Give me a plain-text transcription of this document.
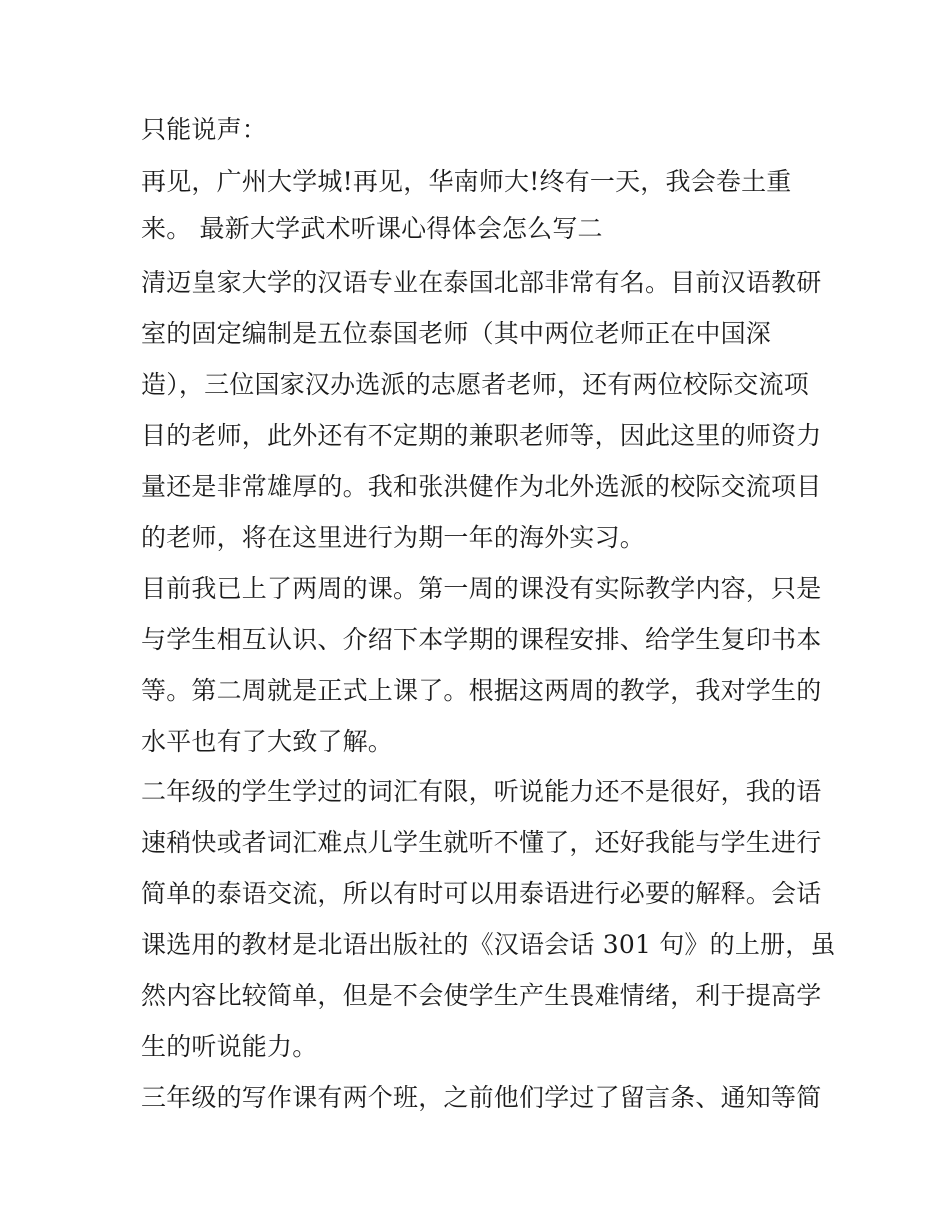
只能说声：
再见，广州大学城!再见，华南师大!终有一天，我会卷土重
来。 最新大学武术听课心得体会怎么写二
清迈皇家大学的汉语专业在泰国北部非常有名。目前汉语教研
室的固定编制是五位泰国老师（其中两位老师正在中国深
造），三位国家汉办选派的志愿者老师，还有两位校际交流项
目的老师，此外还有不定期的兼职老师等，因此这里的师资力
量还是非常雄厚的。我和张洪健作为北外选派的校际交流项目
的老师，将在这里进行为期一年的海外实习。
目前我已上了两周的课。第一周的课没有实际教学内容，只是
与学生相互认识、介绍下本学期的课程安排、给学生复印书本
等。第二周就是正式上课了。根据这两周的教学，我对学生的
水平也有了大致了解。
二年级的学生学过的词汇有限，听说能力还不是很好，我的语
速稍快或者词汇难点儿学生就听不懂了，还好我能与学生进行
简单的泰语交流，所以有时可以用泰语进行必要的解释。会话
课选用的教材是北语出版社的《汉语会话 301 句》的上册，虽
然内容比较简单，但是不会使学生产生畏难情绪，利于提高学
生的听说能力。
三年级的写作课有两个班，之前他们学过了留言条、通知等简
